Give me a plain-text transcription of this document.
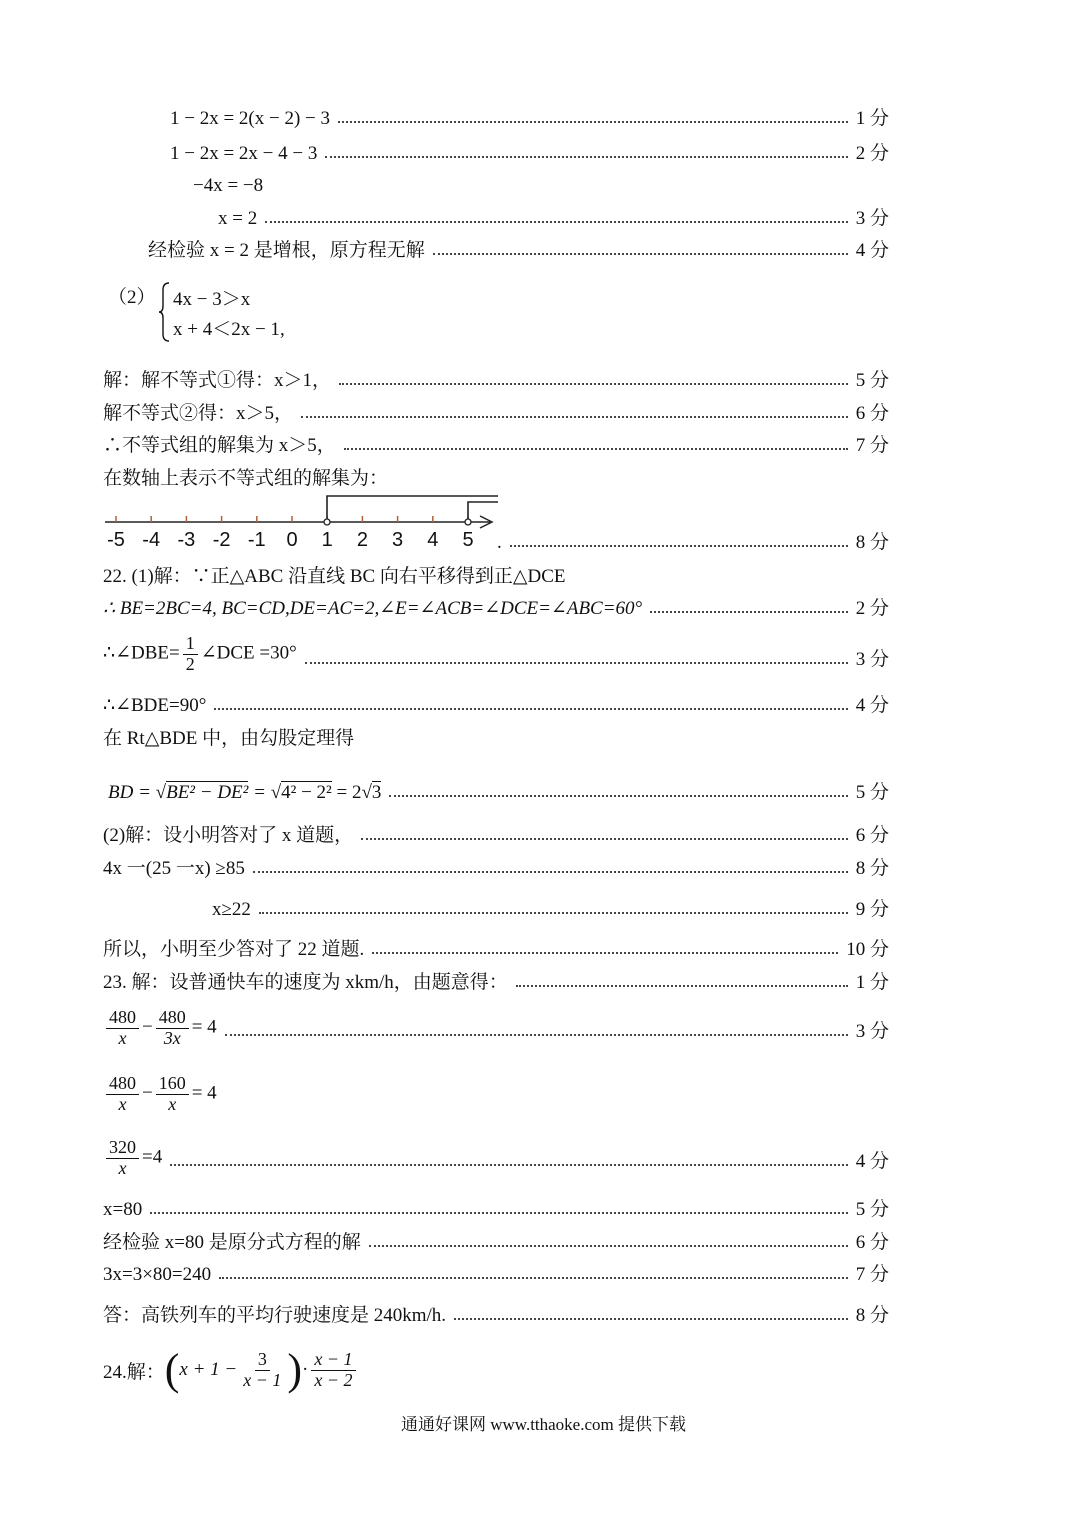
1 − 2x = 2(x − 2) − 3	1 分
1 − 2x = 2x − 4 − 3	2 分
−4x = −8
x = 2	3 分
经检验 x = 2 是增根，原方程无解	4 分
（2） 4x − 3＞x
x + 4＜2x − 1,
解：解不等式①得：x＞1，	5 分
解不等式②得：x＞5，	6 分
∴不等式组的解集为 x＞5，	7 分
在数轴上表示不等式组的解集为：
-5 -4 -3 -2 -1 0 1 2 3 4 5 .	8 分
22. (1)解：∵正△ABC 沿直线 BC 向右平移得到正△DCE
∴ BE=2BC=4, BC=CD,DE=AC=2,∠E=∠ACB=∠DCE=∠ABC=60°	2 分
∴∠DBE= $\frac{1}{2}$ ∠DCE =30°	3 分
∴∠BDE=90°	4 分
在 Rt△BDE 中，由勾股定理得
BD = √BE² − DE² = √4² − 2² = 2√3	5 分
(2)解：设小明答对了 x 道题，	6 分
4x 一(25 一x) ≥85	8 分
x≥22	9 分
所以，小明至少答对了 22 道题.	10 分
23. 解：设普通快车的速度为 xkm/h，由题意得：	1 分
$\frac{480}{x} - \frac{480}{3x} = 4$	3 分
$\frac{480}{x} - \frac{160}{x} = 4$
$\frac{320}{x} =4$	4 分
x=80	5 分
经检验 x=80 是原分式方程的解	6 分
3x=3×80=240	7 分
答：高铁列车的平均行驶速度是 240km/h.	8 分
24.解： ( $x + 1 - \frac{3}{x - 1}$ ) · $\frac{x - 1}{x - 2}$
通通好课网 www.tthaoke.com 提供下载
